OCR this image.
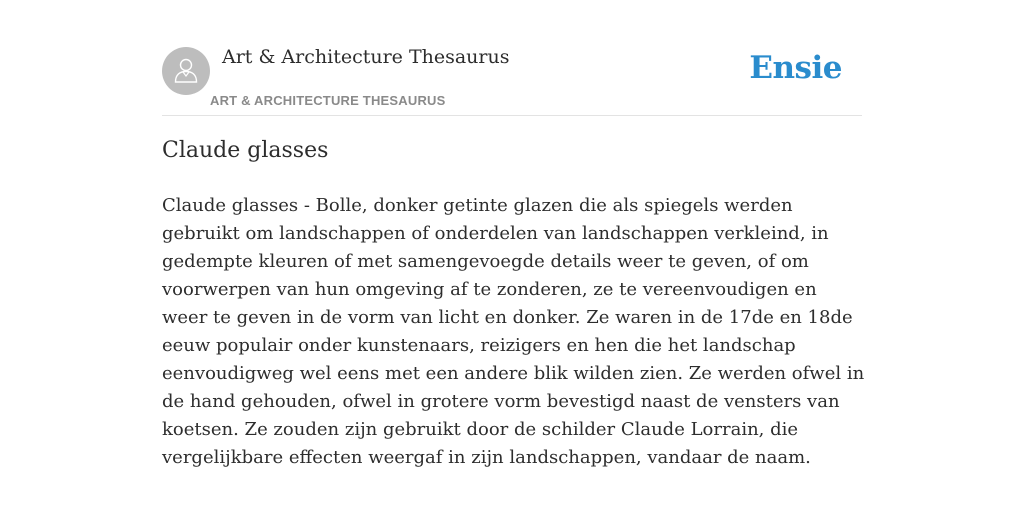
Art & Architecture Thesaurus
ART & ARCHITECTURE THESAURUS
Ensie
Claude glasses

Claude glasses - Bolle, donker getinte glazen die als spiegels werden gebruikt om landschappen of onderdelen van landschappen verkleind, in gedempte kleuren of met samengevoegde details weer te geven, of om voorwerpen van hun omgeving af te zonderen, ze te vereenvoudigen en weer te geven in de vorm van licht en donker. Ze waren in de 17de en 18de eeuw populair onder kunstenaars, reizigers en hen die het landschap eenvoudigweg wel eens met een andere blik wilden zien. Ze werden ofwel in de hand gehouden, ofwel in grotere vorm bevestigd naast de vensters van koetsen. Ze zouden zijn gebruikt door de schilder Claude Lorrain, die vergelijkbare effecten weergaf in zijn landschappen, vandaar de naam.
